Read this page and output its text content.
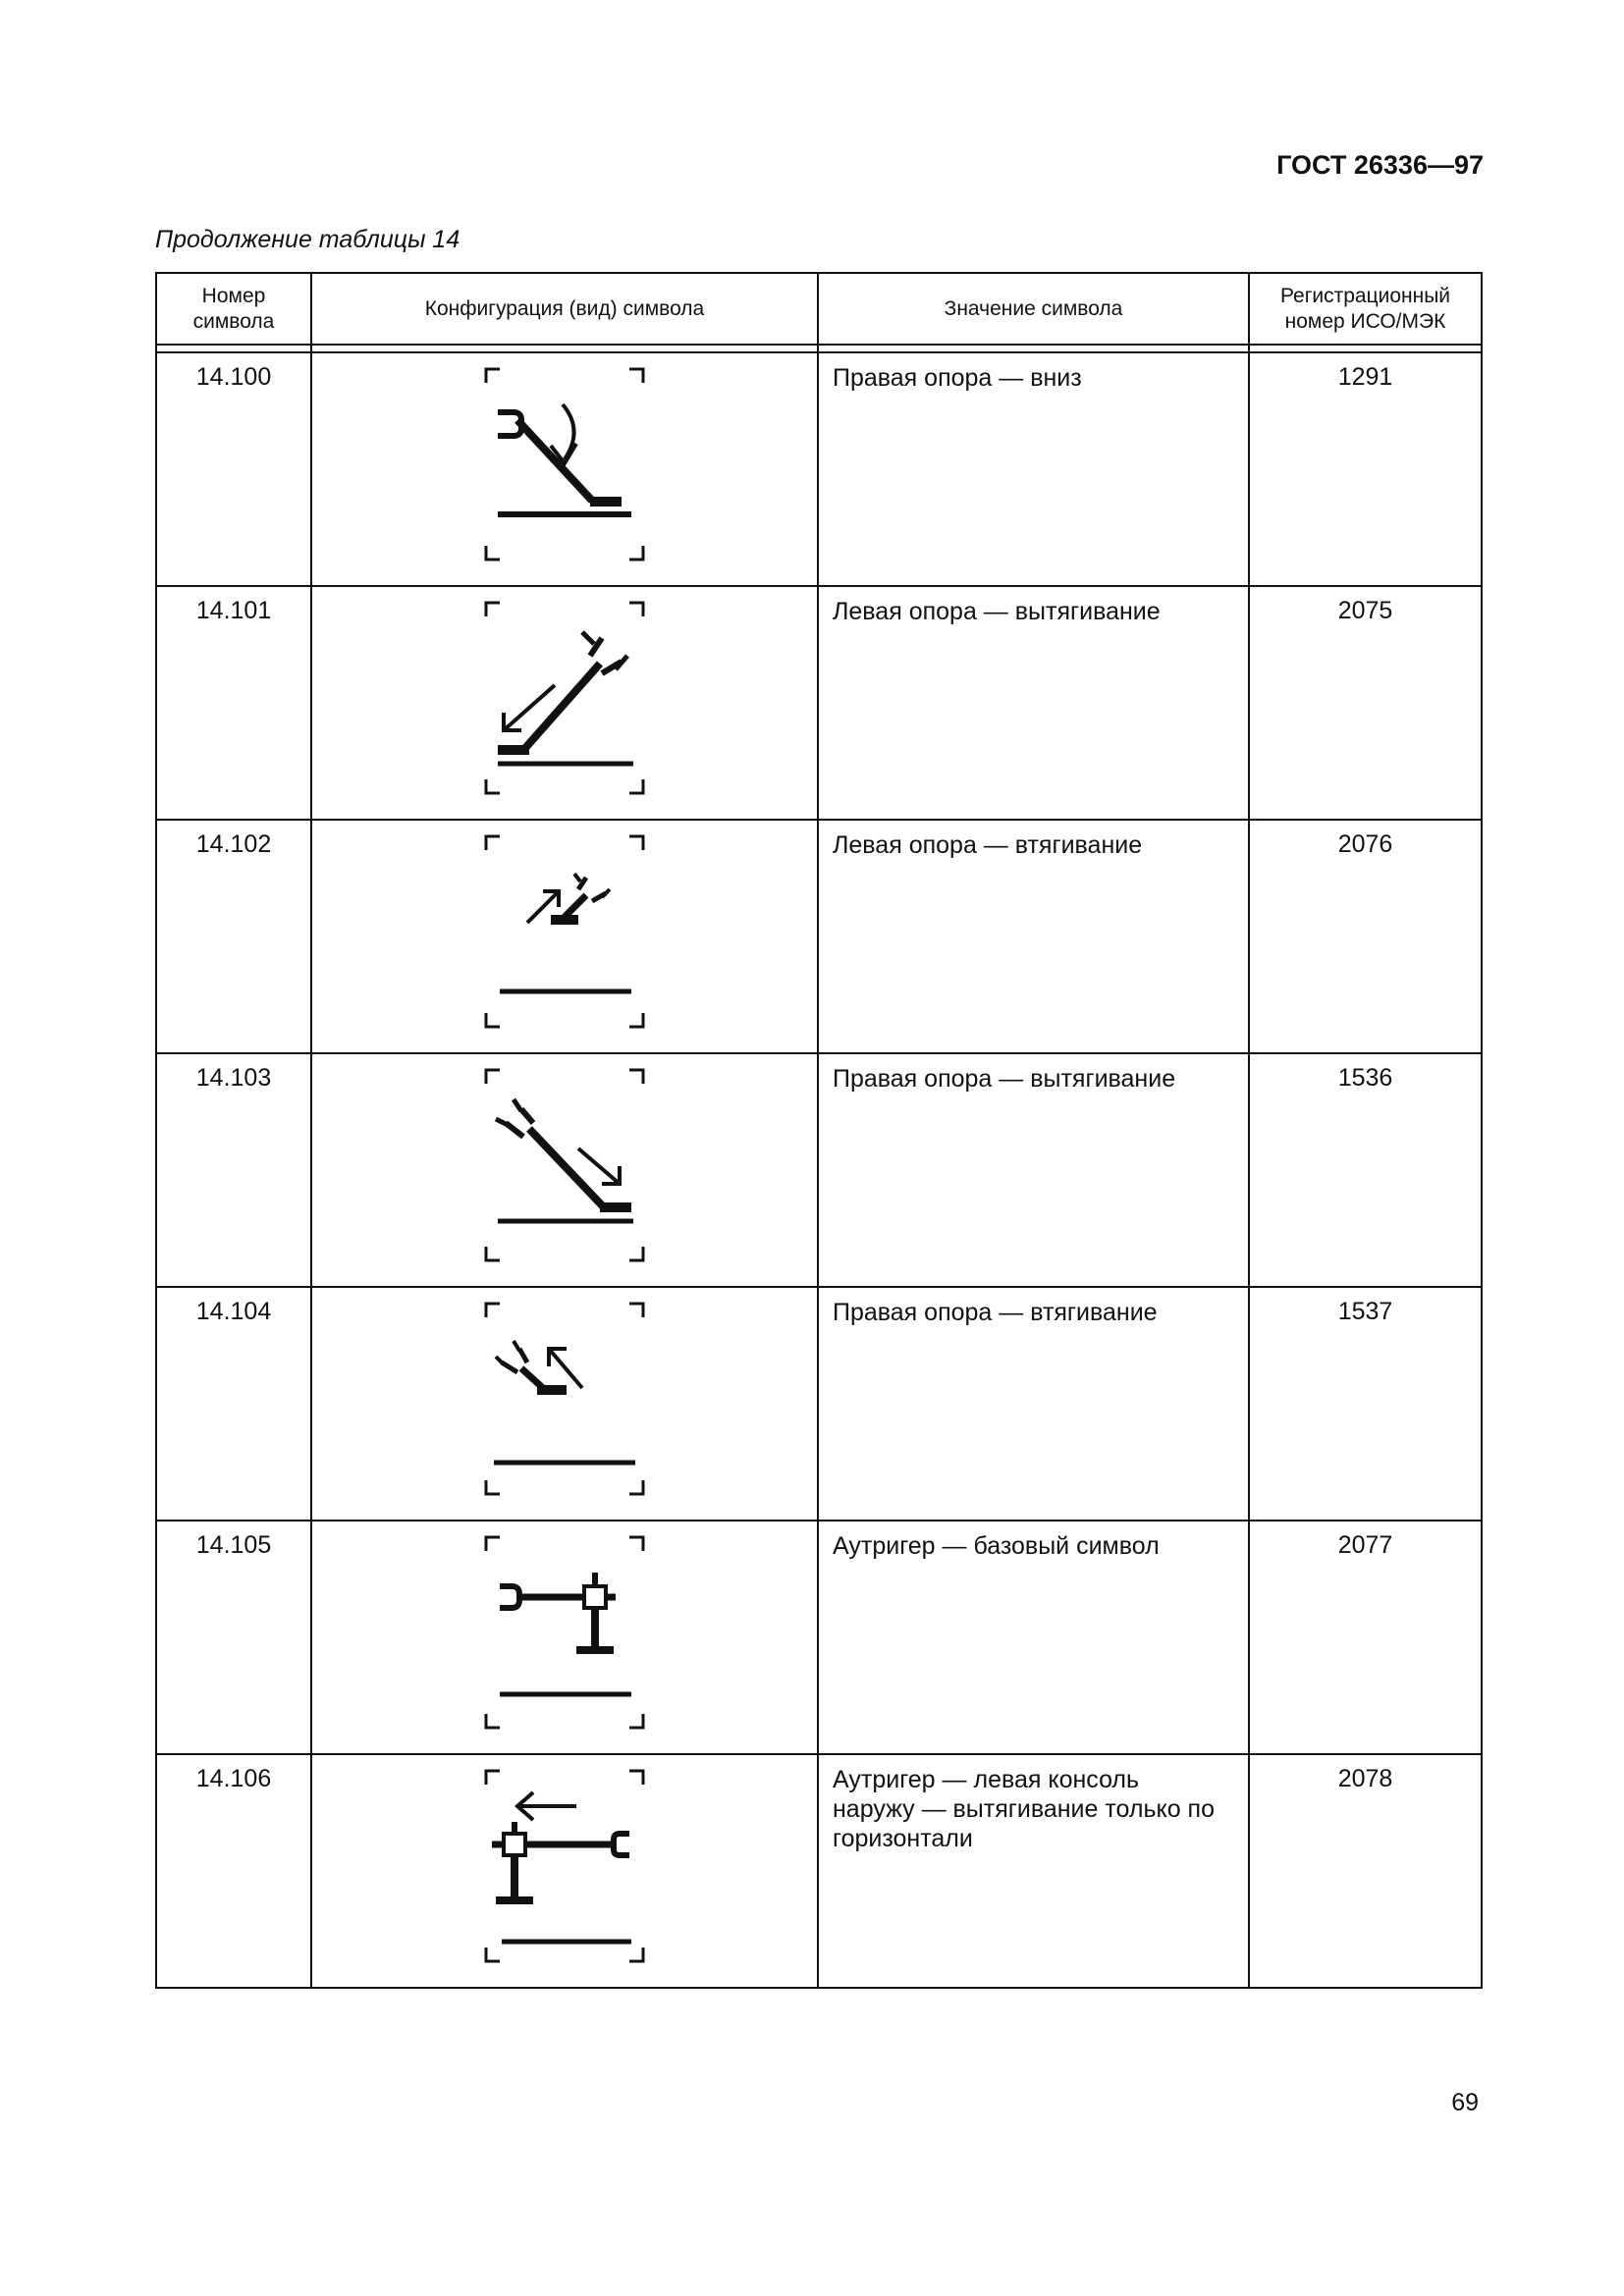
ГОСТ 26336—97
Продолжение таблицы 14
Номер
символа	Конфигурация (вид) символа	Значение символа	Регистрационный
номер ИСО/МЭК

14.100		Правая опора — вниз	1291
14.101		Левая опора — вытягивание	2075
14.102		Левая опора — втягивание	2076
14.103		Правая опора — вытягивание	1536
14.104		Правая опора — втягивание	1537
14.105		Аутригер — базовый символ	2077
14.106		Аутригер — левая консоль
наружу — вытягивание только по
горизонтали	2078
69
